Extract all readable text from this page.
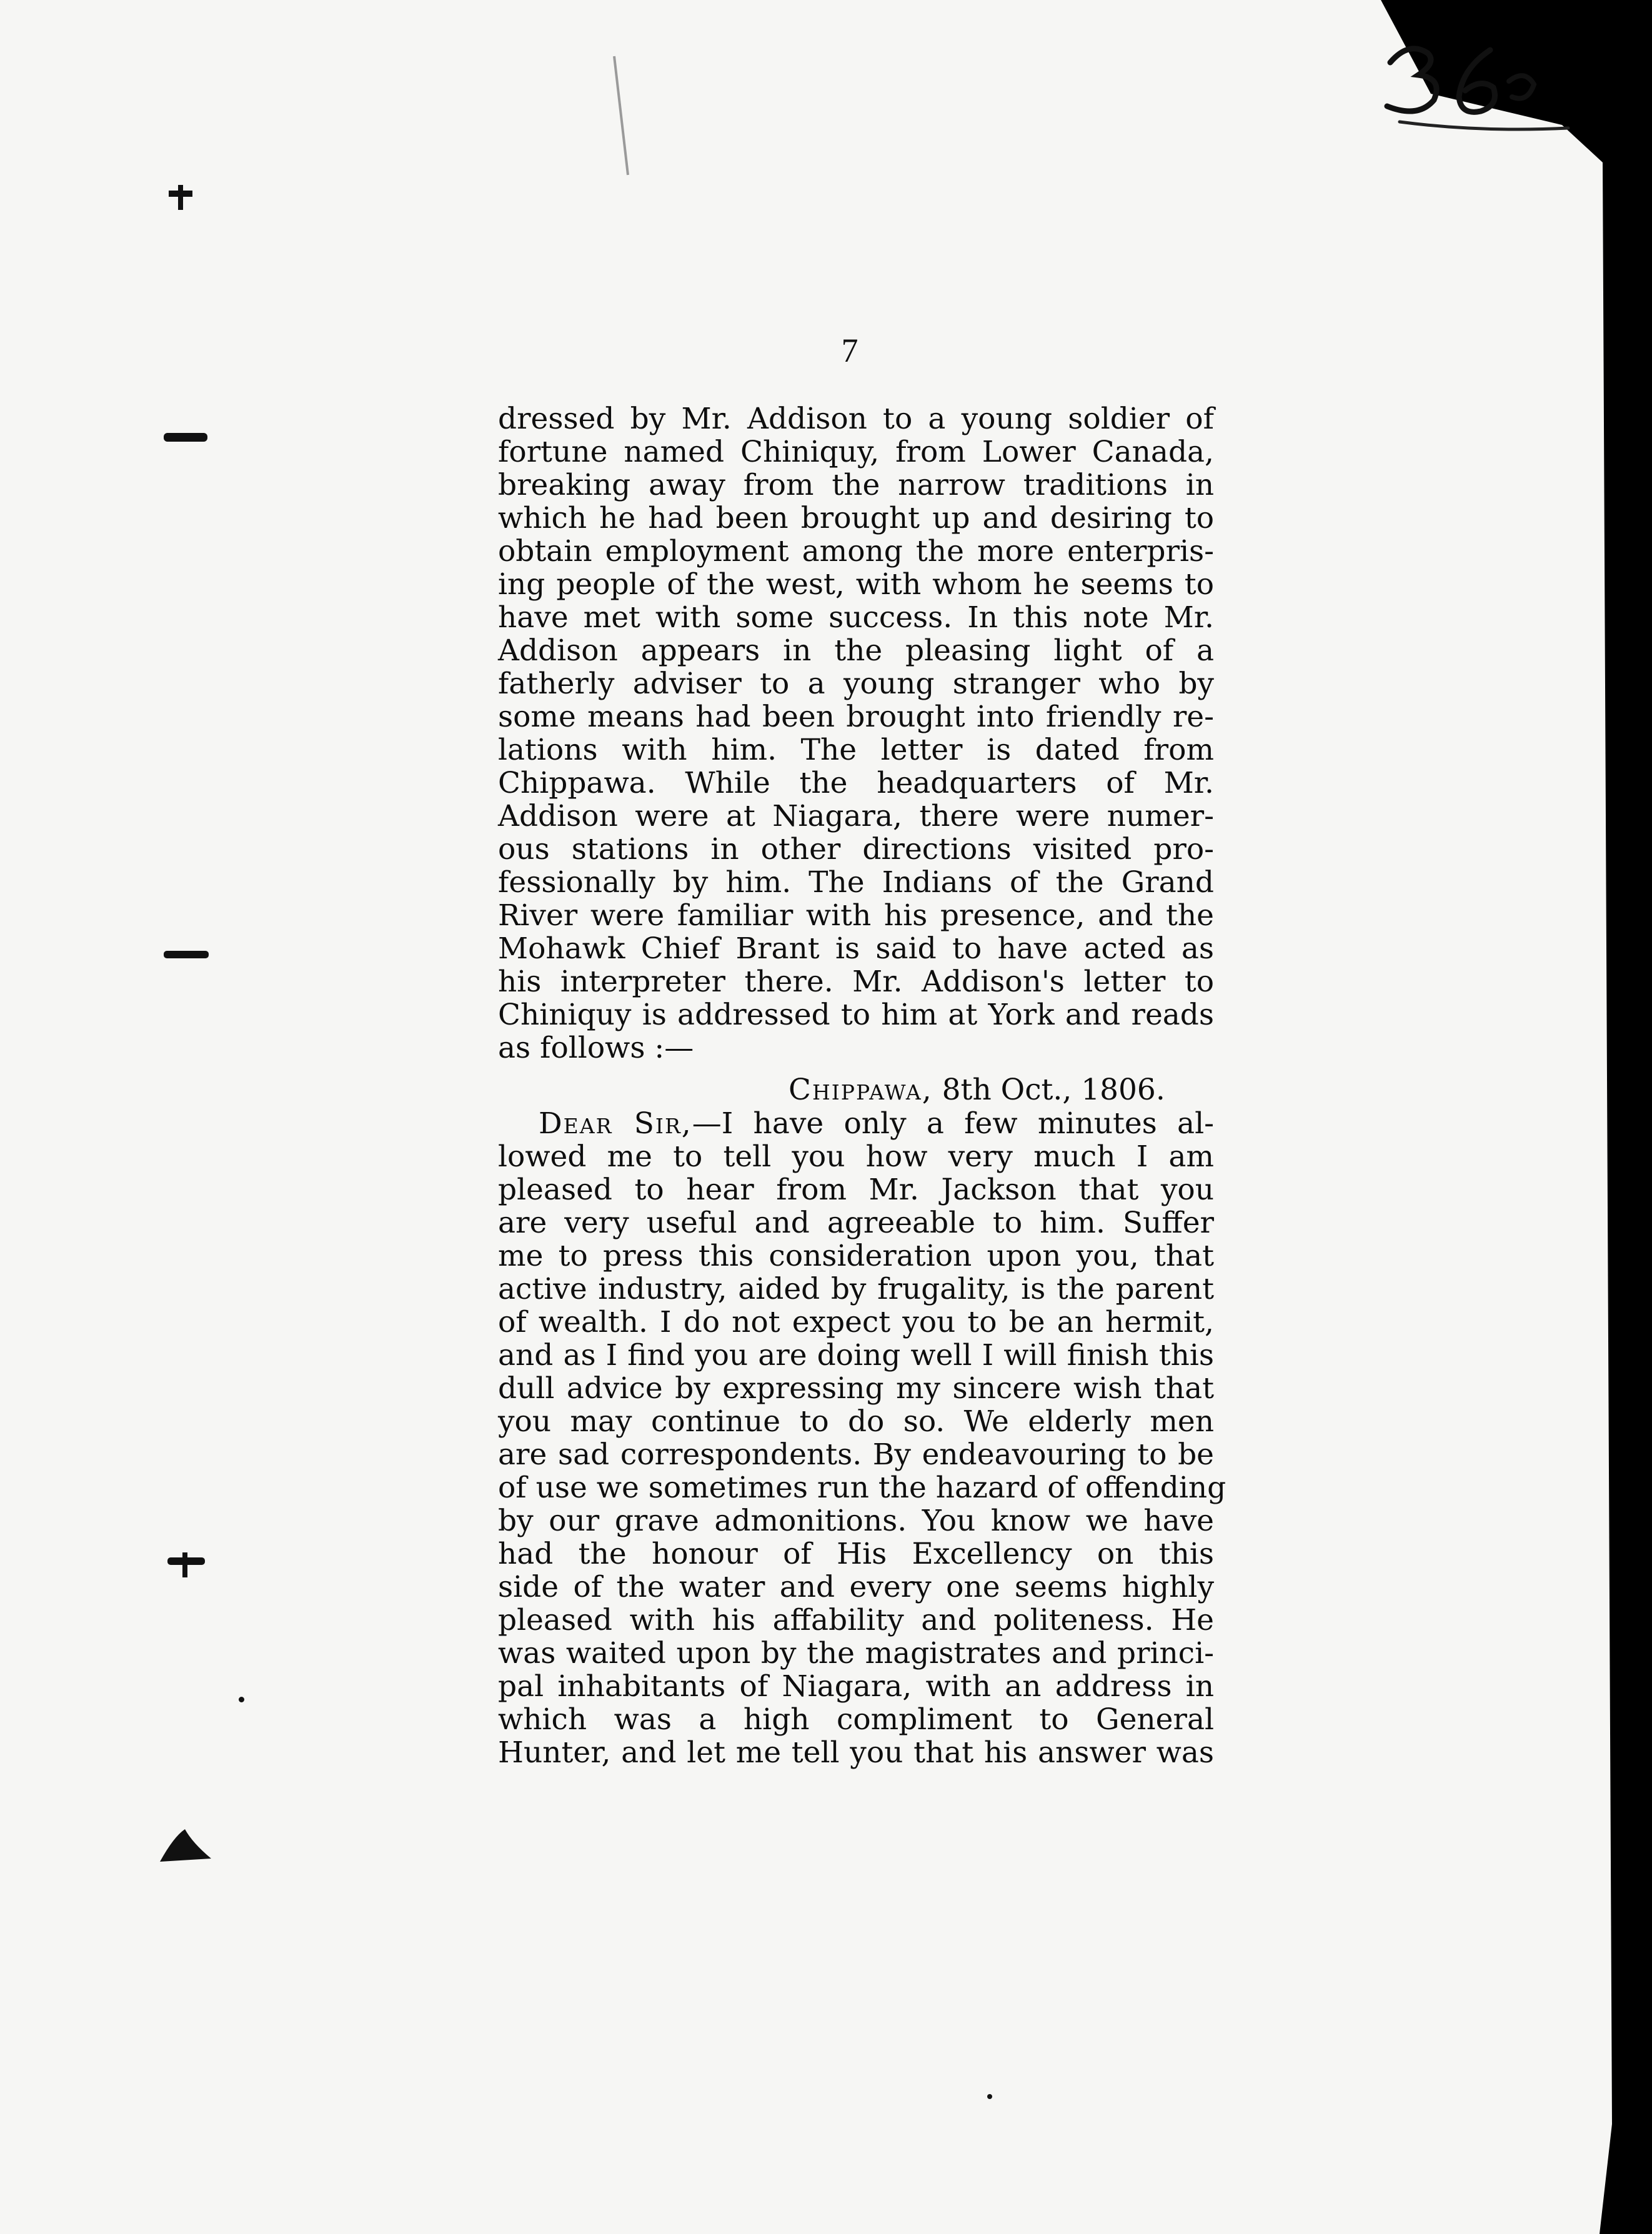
7
dressed by Mr. Addison to a young soldier of
fortune named Chiniquy, from Lower Canada,
breaking away from the narrow traditions in
which he had been brought up and desiring to
obtain employment among the more enterpris-
ing people of the west, with whom he seems to
have met with some success. In this note Mr.
Addison appears in the pleasing light of a
fatherly adviser to a young stranger who by
some means had been brought into friendly re-
lations with him. The letter is dated from
Chippawa. While the headquarters of Mr.
Addison were at Niagara, there were numer-
ous stations in other directions visited pro-
fessionally by him. The Indians of the Grand
River were familiar with his presence, and the
Mohawk Chief Brant is said to have acted as
his interpreter there. Mr. Addison's letter to
Chiniquy is addressed to him at York and reads
as follows :—
Chippawa, 8th Oct., 1806.
Dear Sir,—I have only a few minutes al-
lowed me to tell you how very much I am
pleased to hear from Mr. Jackson that you
are very useful and agreeable to him. Suffer
me to press this consideration upon you, that
active industry, aided by frugality, is the parent
of wealth. I do not expect you to be an hermit,
and as I find you are doing well I will finish this
dull advice by expressing my sincere wish that
you may continue to do so. We elderly men
are sad correspondents. By endeavouring to be
of use we sometimes run the hazard of offending
by our grave admonitions. You know we have
had the honour of His Excellency on this
side of the water and every one seems highly
pleased with his affability and politeness. He
was waited upon by the magistrates and princi-
pal inhabitants of Niagara, with an address in
which was a high compliment to General
Hunter, and let me tell you that his answer was
